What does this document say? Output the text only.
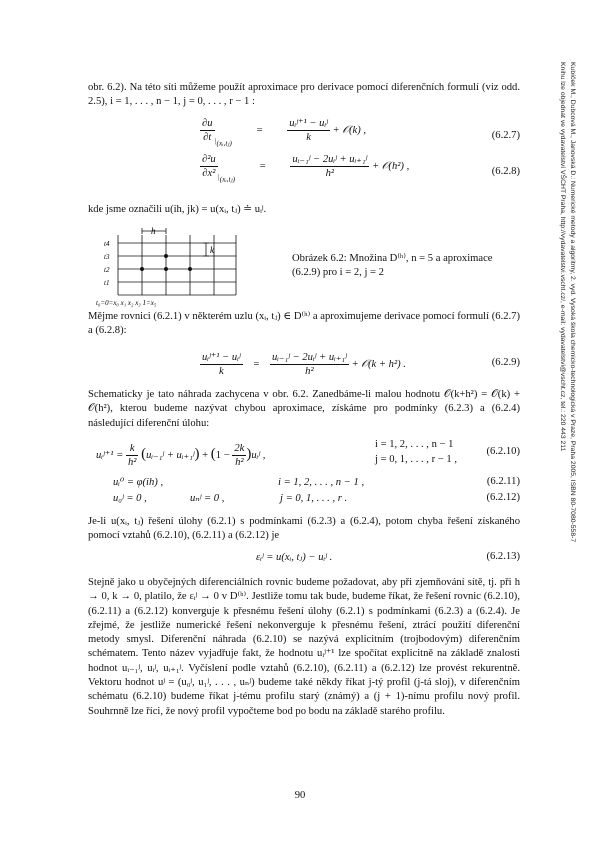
Kubíček M., Dubcová M., Janovská D.: Numerické metody a algoritmy, 2. vyd. Vysoká škola chemicko-technologická v Praze, Praha 2005, ISBN 80-7080-558-7
Knihu lze objednat ve vydavatelství VŠCHT Praha, http://vydavatelstvi.vscht.cz/, e-mail: vydavatelstvi@vscht.cz, tel.: 220 443 211
obr. 6.2). Na této síti můžeme použít aproximace pro derivace pomocí diferenčních formulí (viz odd. 2.5), i = 1, . . . , n − 1, j = 0, . . . , r − 1 :
$\frac{\partial u}{\partial t} _{|_{(xᵢ,tⱼ)}} = \frac{\text{uᵢʲ⁺¹ − uᵢʲ}}{k}$ + 𝒪(k) ,	(6.2.7)
$\frac{\text{∂²u}}{\text{∂x²}} _{|_{(xᵢ,tⱼ)}} = \frac{\text{uᵢ₋₁ʲ − 2uᵢʲ + uᵢ₊₁ʲ}}{\text{h²}}$ + 𝒪(h²) ,	(6.2.8)
kde jsme označili u(ih, jk) = u(xᵢ, tⱼ) ≐ uᵢʲ.
h
k
t4
t3
t2
t1
t₀=0=x₀ x₁ x₂ x₃ 1=x₅
Obrázek 6.2: Množina D⁽ʰ⁾, n = 5 a aproximace (6.2.9) pro i = 2, j = 2
Mějme rovnici (6.2.1) v některém uzlu (xᵢ, tⱼ) ∈ D⁽ʰ⁾ a aproximujeme derivace pomocí formulí (6.2.7) a (6.2.8):
$\frac{\text{uᵢʲ⁺¹ − uᵢʲ}}{k} = \frac{\text{uᵢ₋₁ʲ − 2uᵢʲ + uᵢ₊₁ʲ}}{\text{h²}}$ + 𝒪(k + h²) .	(6.2.9)
Schematicky je tato náhrada zachycena v obr. 6.2. Zanedbáme-li malou hodnotu 𝒪(k+h²) = 𝒪(k) + 𝒪(h²), kterou budeme nazývat chybou aproximace, získáme pro podmínky (6.2.3) a (6.2.4) následující diferenční úlohu:
uᵢʲ⁺¹ = $\frac{k}{\text{h²}}$ (uᵢ₋₁ʲ + uᵢ₊₁ʲ) + ($1 - \frac{2k}{\text{h²}}$ )uᵢʲ ,
i = 1, 2, . . . , n − 1
j = 0, 1, . . . , r − 1 ,
(6.2.10)
uᵢ⁰ = φ(ih) ,	i = 1, 2, . . . , n − 1 ,	(6.2.11)
u₀ʲ = 0 ,	uₙʲ = 0 ,	j = 0, 1, . . . , r .	(6.2.12)
Je-li u(xᵢ, tⱼ) řešení úlohy (6.2.1) s podmínkami (6.2.3) a (6.2.4), potom chyba řešení získaného pomocí vztahů (6.2.10), (6.2.11) a (6.2.12) je
εᵢʲ = u(xᵢ, tⱼ) − uᵢʲ .	(6.2.13)
Stejně jako u obyčejných diferenciálních rovnic budeme požadovat, aby při zjemňování sítě, tj. při h → 0, k → 0, platilo, že εᵢʲ → 0 v D⁽ʰ⁾. Jestliže tomu tak bude, budeme říkat, že řešení rovnic (6.2.10), (6.2.11) a (6.2.12) konverguje k přesnému řešení úlohy (6.2.1) s podmínkami (6.2.3) a (6.2.4). Je zřejmé, že jestliže numerické řešení nekonverguje k přesnému řešení, ztrácí použití diferenční metody smysl. Diferenční náhrada (6.2.10) se nazývá explicitním (trojbodovým) diferenčním schématem. Tento název vyjadřuje fakt, že hodnotu uᵢʲ⁺¹ lze spočítat explicitně na základě znalosti hodnot uᵢ₋₁ʲ, uᵢʲ, uᵢ₊₁ʲ. Vyčíslení podle vztahů (6.2.10), (6.2.11) a (6.2.12) lze provést rekurentně. Vektoru hodnot uʲ = (u₀ʲ, u₁ʲ, . . . , uₙʲ) budeme také někdy říkat j-tý profil (j-tá sloj), v diferenčním schématu (6.2.10) budeme říkat j-tému profilu starý (známý) a (j + 1)-nímu profilu nový profil. Souhrnně lze říci, že nový profil vypočteme bod po bodu na základě starého profilu.
90
